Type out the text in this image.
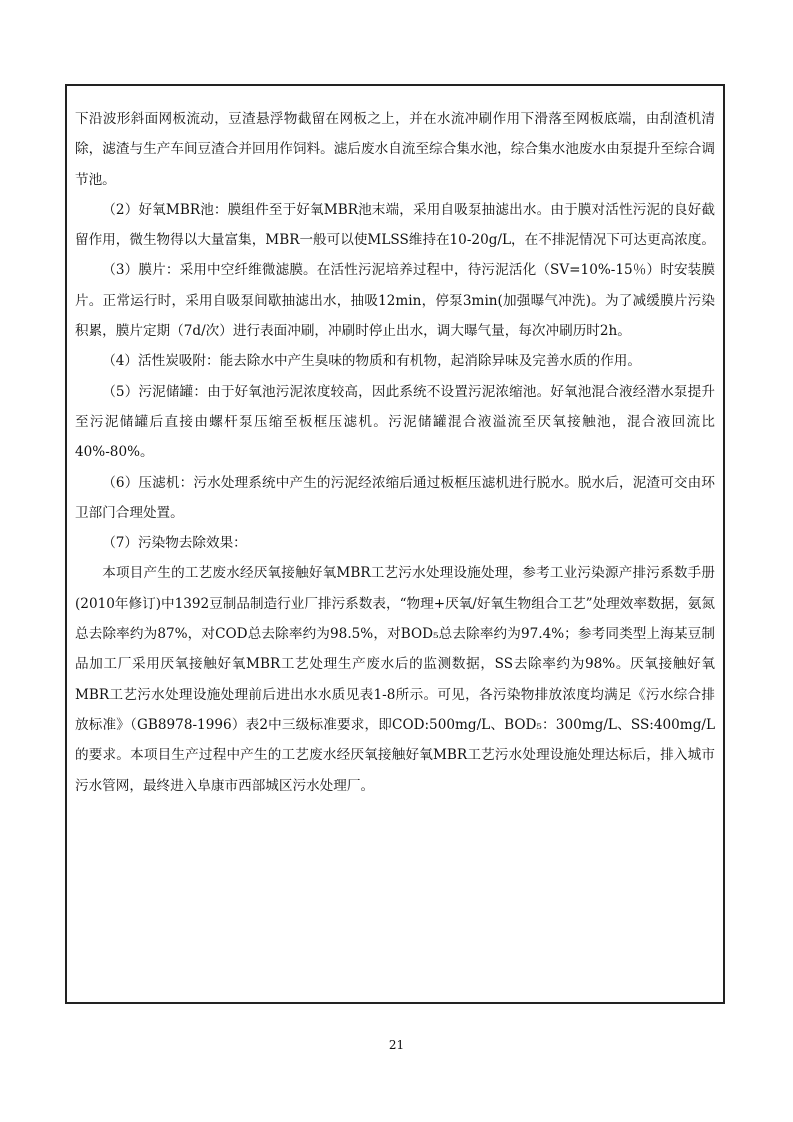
下沿波形斜面网板流动，豆渣悬浮物截留在网板之上，并在水流冲刷作用下滑落至网板底端，由刮渣机清除，滤渣与生产车间豆渣合并回用作饲料。滤后废水自流至综合集水池，综合集水池废水由泵提升至综合调节池。

（2）好氧MBR池：膜组件至于好氧MBR池末端，采用自吸泵抽滤出水。由于膜对活性污泥的良好截留作用，微生物得以大量富集，MBR一般可以使MLSS维持在10-20g/L，在不排泥情况下可达更高浓度。

（3）膜片：采用中空纤维微滤膜。在活性污泥培养过程中，待污泥活化（SV=10%-15％）时安装膜片。正常运行时，采用自吸泵间歇抽滤出水，抽吸12min，停泵3min(加强曝气冲洗)。为了减缓膜片污染积累，膜片定期（7d/次）进行表面冲刷，冲刷时停止出水，调大曝气量，每次冲刷历时2h。

（4）活性炭吸附：能去除水中产生臭味的物质和有机物，起消除异味及完善水质的作用。

（5）污泥储罐：由于好氧池污泥浓度较高，因此系统不设置污泥浓缩池。好氧池混合液经潜水泵提升至污泥储罐后直接由螺杆泵压缩至板框压滤机。污泥储罐混合液溢流至厌氧接触池，混合液回流比40%-80%。

（6）压滤机：污水处理系统中产生的污泥经浓缩后通过板框压滤机进行脱水。脱水后，泥渣可交由环卫部门合理处置。

（7）污染物去除效果：

本项目产生的工艺废水经厌氧接触好氧MBR工艺污水处理设施处理，参考工业污染源产排污系数手册(2010年修订)中1392豆制品制造行业厂排污系数表，“物理+厌氧/好氧生物组合工艺”处理效率数据，氨氮总去除率约为87%，对COD总去除率约为98.5%，对BOD₅总去除率约为97.4%；参考同类型上海某豆制品加工厂采用厌氧接触好氧MBR工艺处理生产废水后的监测数据，SS去除率约为98%。厌氧接触好氧MBR工艺污水处理设施处理前后进出水水质见表1-8所示。可见，各污染物排放浓度均满足《污水综合排放标准》（GB8978-1996）表2中三级标准要求，即COD:500mg/L、BOD₅：300mg/L、SS:400mg/L的要求。本项目生产过程中产生的工艺废水经厌氧接触好氧MBR工艺污水处理设施处理达标后，排入城市污水管网，最终进入阜康市西部城区污水处理厂。

21
